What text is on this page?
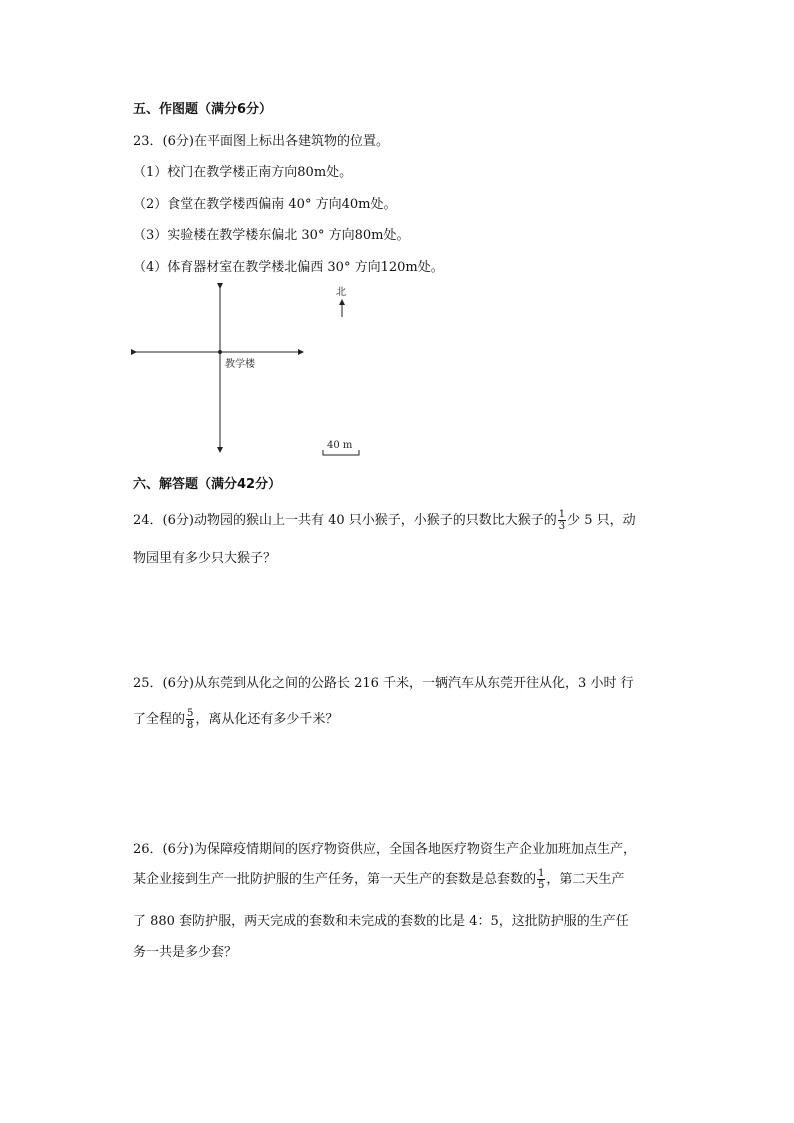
五、作图题（满分6分）
23．(6分)在平面图上标出各建筑物的位置。
（1）校门在教学楼正南方向80m处。
（2）食堂在教学楼西偏南 40° 方向40m处。
（3）实验楼在教学楼东偏北 30° 方向80m处。
（4）体育器材室在教学楼北偏西 30° 方向120m处。
教学楼
北
40 m
六、解答题（满分42分）
24．(6分)动物园的猴山上一共有 40 只小猴子，小猴子的只数比大猴子的 $\frac{1}{3}$ 少 5 只，动
物园里有多少只大猴子？
25．(6分)从东莞到从化之间的公路长 216 千米，一辆汽车从东莞开往从化，3 小时 行
了全程的 $\frac{5}{8}$ ，离从化还有多少千米？
26．(6分)为保障疫情期间的医疗物资供应，全国各地医疗物资生产企业加班加点生产，
某企业接到生产一批防护服的生产任务，第一天生产的套数是总套数的 $\frac{1}{5}$ ，第二天生产
了 880 套防护服，两天完成的套数和未完成的套数的比是 4：5，这批防护服的生产任
务一共是多少套？
